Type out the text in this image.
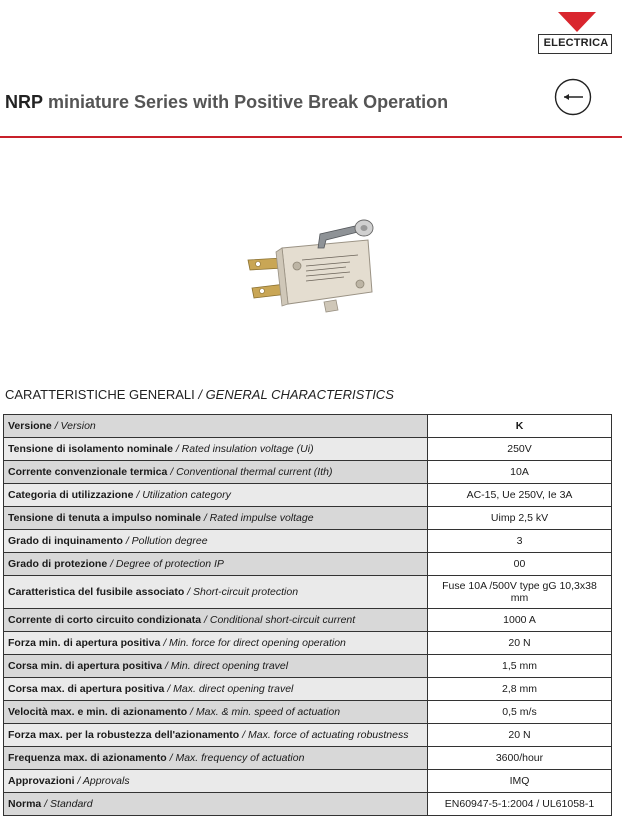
ELECTRICA
NRP miniature Series with Positive Break Operation
CARATTERISTICHE GENERALI / GENERAL CHARACTERISTICS
Versione / Version	K
Tensione di isolamento nominale / Rated insulation voltage (Ui)	250V
Corrente convenzionale termica / Conventional thermal current (Ith)	10A
Categoria di utilizzazione / Utilization category	AC-15, Ue 250V, Ie 3A
Tensione di tenuta a impulso nominale / Rated impulse voltage	Uimp 2,5 kV
Grado di inquinamento / Pollution degree	3
Grado di protezione / Degree of protection IP	00
Caratteristica del fusibile associato / Short-circuit protection	Fuse 10A /500V type gG 10,3x38 mm
Corrente di corto circuito condizionata / Conditional short-circuit current	1000 A
Forza min. di apertura positiva / Min. force for direct opening operation	20 N
Corsa min. di apertura positiva / Min. direct opening travel	1,5 mm
Corsa max. di apertura positiva / Max. direct opening travel	2,8 mm
Velocità max. e min. di azionamento / Max. & min. speed of actuation	0,5 m/s
Forza max. per la robustezza dell'azionamento / Max. force of actuating robustness	20 N
Frequenza max. di azionamento / Max. frequency of actuation	3600/hour
Approvazioni / Approvals	IMQ
Norma / Standard	EN60947-5-1:2004 / UL61058-1
